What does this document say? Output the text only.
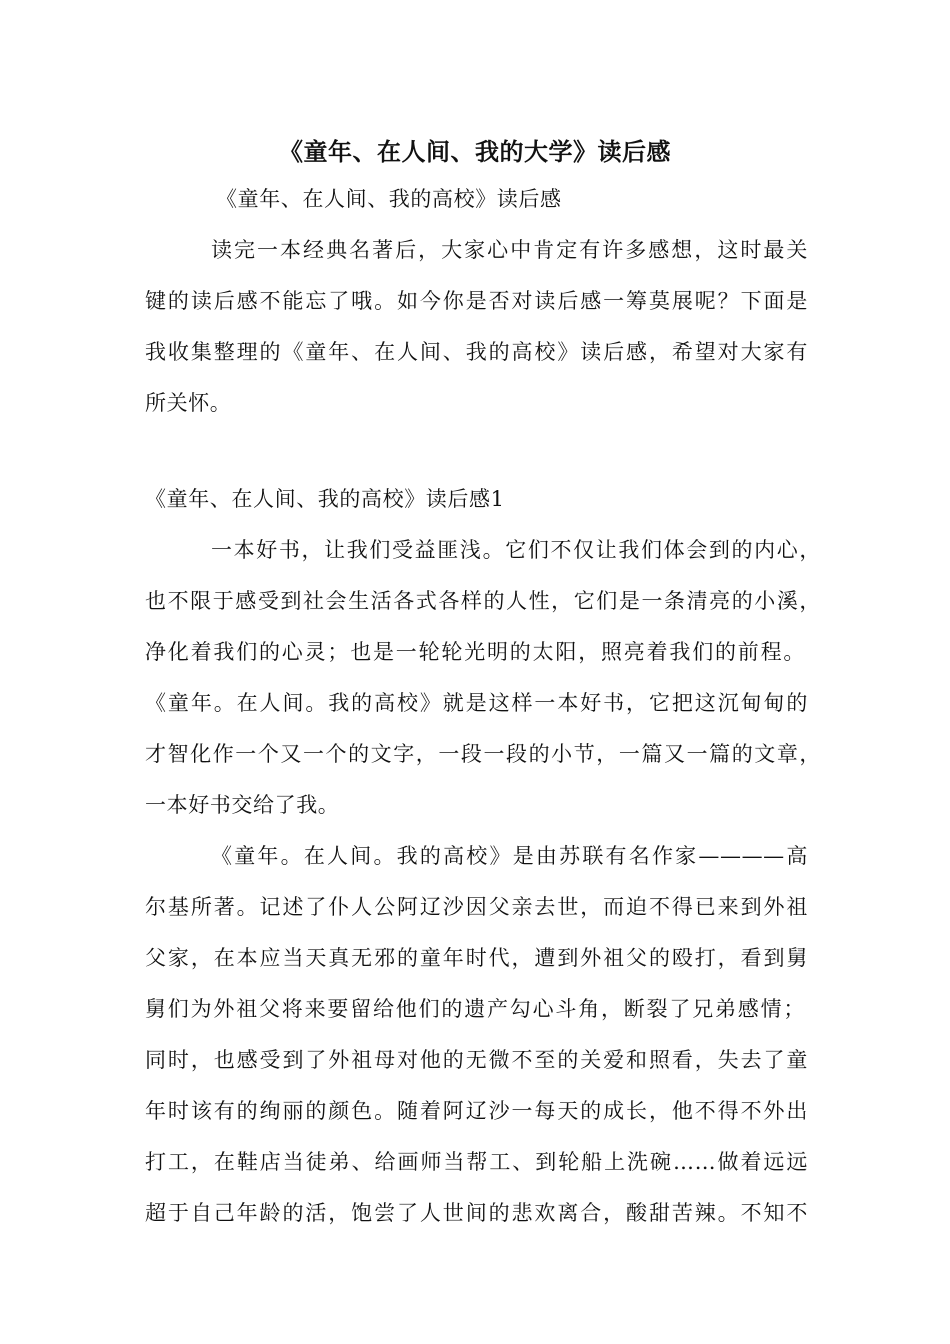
《童年、在人间、我的大学》读后感
《童年、在人间、我的高校》读后感
读完一本经典名著后，大家心中肯定有许多感想，这时最关
键的读后感不能忘了哦。如今你是否对读后感一筹莫展呢？下面是
我收集整理的《童年、在人间、我的高校》读后感，希望对大家有
所关怀。
《童年、在人间、我的高校》读后感1
一本好书，让我们受益匪浅。它们不仅让我们体会到的内心，
也不限于感受到社会生活各式各样的人性，它们是一条清亮的小溪，
净化着我们的心灵；也是一轮轮光明的太阳，照亮着我们的前程。
《童年。在人间。我的高校》就是这样一本好书，它把这沉甸甸的
才智化作一个又一个的文字，一段一段的小节，一篇又一篇的文章，
一本好书交给了我。
《童年。在人间。我的高校》是由苏联有名作家————高
尔基所著。记述了仆人公阿辽沙因父亲去世，而迫不得已来到外祖
父家，在本应当天真无邪的童年时代，遭到外祖父的殴打，看到舅
舅们为外祖父将来要留给他们的遗产勾心斗角，断裂了兄弟感情；
同时，也感受到了外祖母对他的无微不至的关爱和照看，失去了童
年时该有的绚丽的颜色。随着阿辽沙一每天的成长，他不得不外出
打工，在鞋店当徒弟、给画师当帮工、到轮船上洗碗……做着远远
超于自己年龄的活，饱尝了人世间的悲欢离合，酸甜苦辣。不知不
